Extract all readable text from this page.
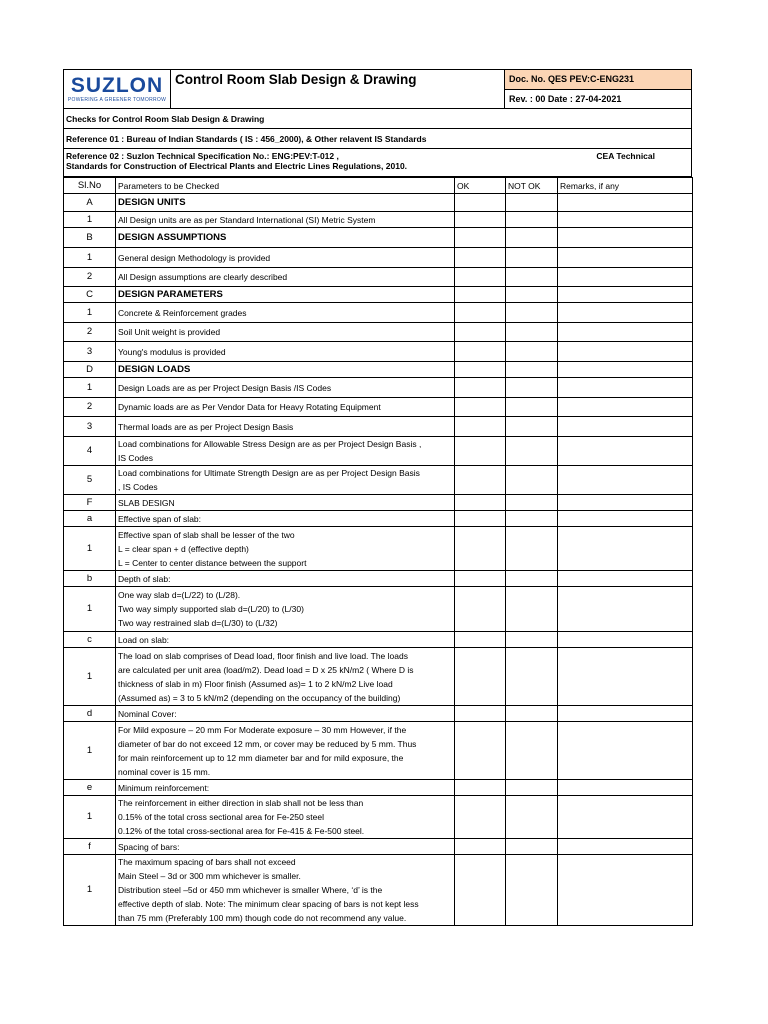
SUZLON
POWERING A GREENER TOMORROW
Control Room Slab Design & Drawing	Doc. No. QES PEV:C-ENG231
Rev. : 00 Date : 27-04-2021
Checks for Control Room Slab Design & Drawing
Reference 01 : Bureau of Indian Standards ( IS : 456_2000), & Other relavent IS Standards
Reference 02 : Suzlon Technical Specification No.: ENG:PEV:T-012 ,	CEA Technical
Standards for Construction of Electrical Plants and Electric Lines Regulations, 2010.
Sl.No	Parameters to be Checked	OK	NOT OK	Remarks, if any
A	DESIGN UNITS			
1	All Design units are as per Standard International (SI) Metric System			
B	DESIGN ASSUMPTIONS			
1	General design Methodology is provided			
2	All Design assumptions are clearly described			
C	DESIGN PARAMETERS			
1	Concrete & Reinforcement grades			
2	Soil Unit weight is provided			
3	Young's modulus is provided			
D	DESIGN LOADS			
1	Design Loads are as per Project Design Basis /IS Codes			
2	Dynamic loads are as Per Vendor Data for Heavy Rotating Equipment			
3	Thermal loads are as per Project Design Basis			
4	Load combinations for Allowable Stress Design are as per Project Design Basis ,
IS Codes			
5	Load combinations for Ultimate Strength Design are as per Project Design Basis
, IS Codes			
F	SLAB DESIGN			
a	Effective span of slab:			
1	Effective span of slab shall be lesser of the two
L = clear span + d (effective depth)
L = Center to center distance between the support			
b	Depth of slab:			
1	One way slab d=(L/22) to (L/28).
Two way simply supported slab d=(L/20) to (L/30)
Two way restrained slab d=(L/30) to (L/32)			
c	Load on slab:			
1	The load on slab comprises of Dead load, floor finish and live load. The loads
are calculated per unit area (load/m2). Dead load = D x 25 kN/m2 ( Where D is
thickness of slab in m) Floor finish (Assumed as)= 1 to 2 kN/m2 Live load
(Assumed as) = 3 to 5 kN/m2 (depending on the occupancy of the building)			
d	Nominal Cover:			
1	For Mild exposure – 20 mm For Moderate exposure – 30 mm However, if the
diameter of bar do not exceed 12 mm, or cover may be reduced by 5 mm. Thus
for main reinforcement up to 12 mm diameter bar and for mild exposure, the
nominal cover is 15 mm.			
e	Minimum reinforcement:			
1	The reinforcement in either direction in slab shall not be less than
0.15% of the total cross sectional area for Fe-250 steel
0.12% of the total cross-sectional area for Fe-415 & Fe-500 steel.			
f	Spacing of bars:			
1	The maximum spacing of bars shall not exceed
Main Steel – 3d or 300 mm whichever is smaller.
Distribution steel –5d or 450 mm whichever is smaller Where, ‘d’ is the
effective depth of slab. Note: The minimum clear spacing of bars is not kept less
than 75 mm (Preferably 100 mm) though code do not recommend any value.			
